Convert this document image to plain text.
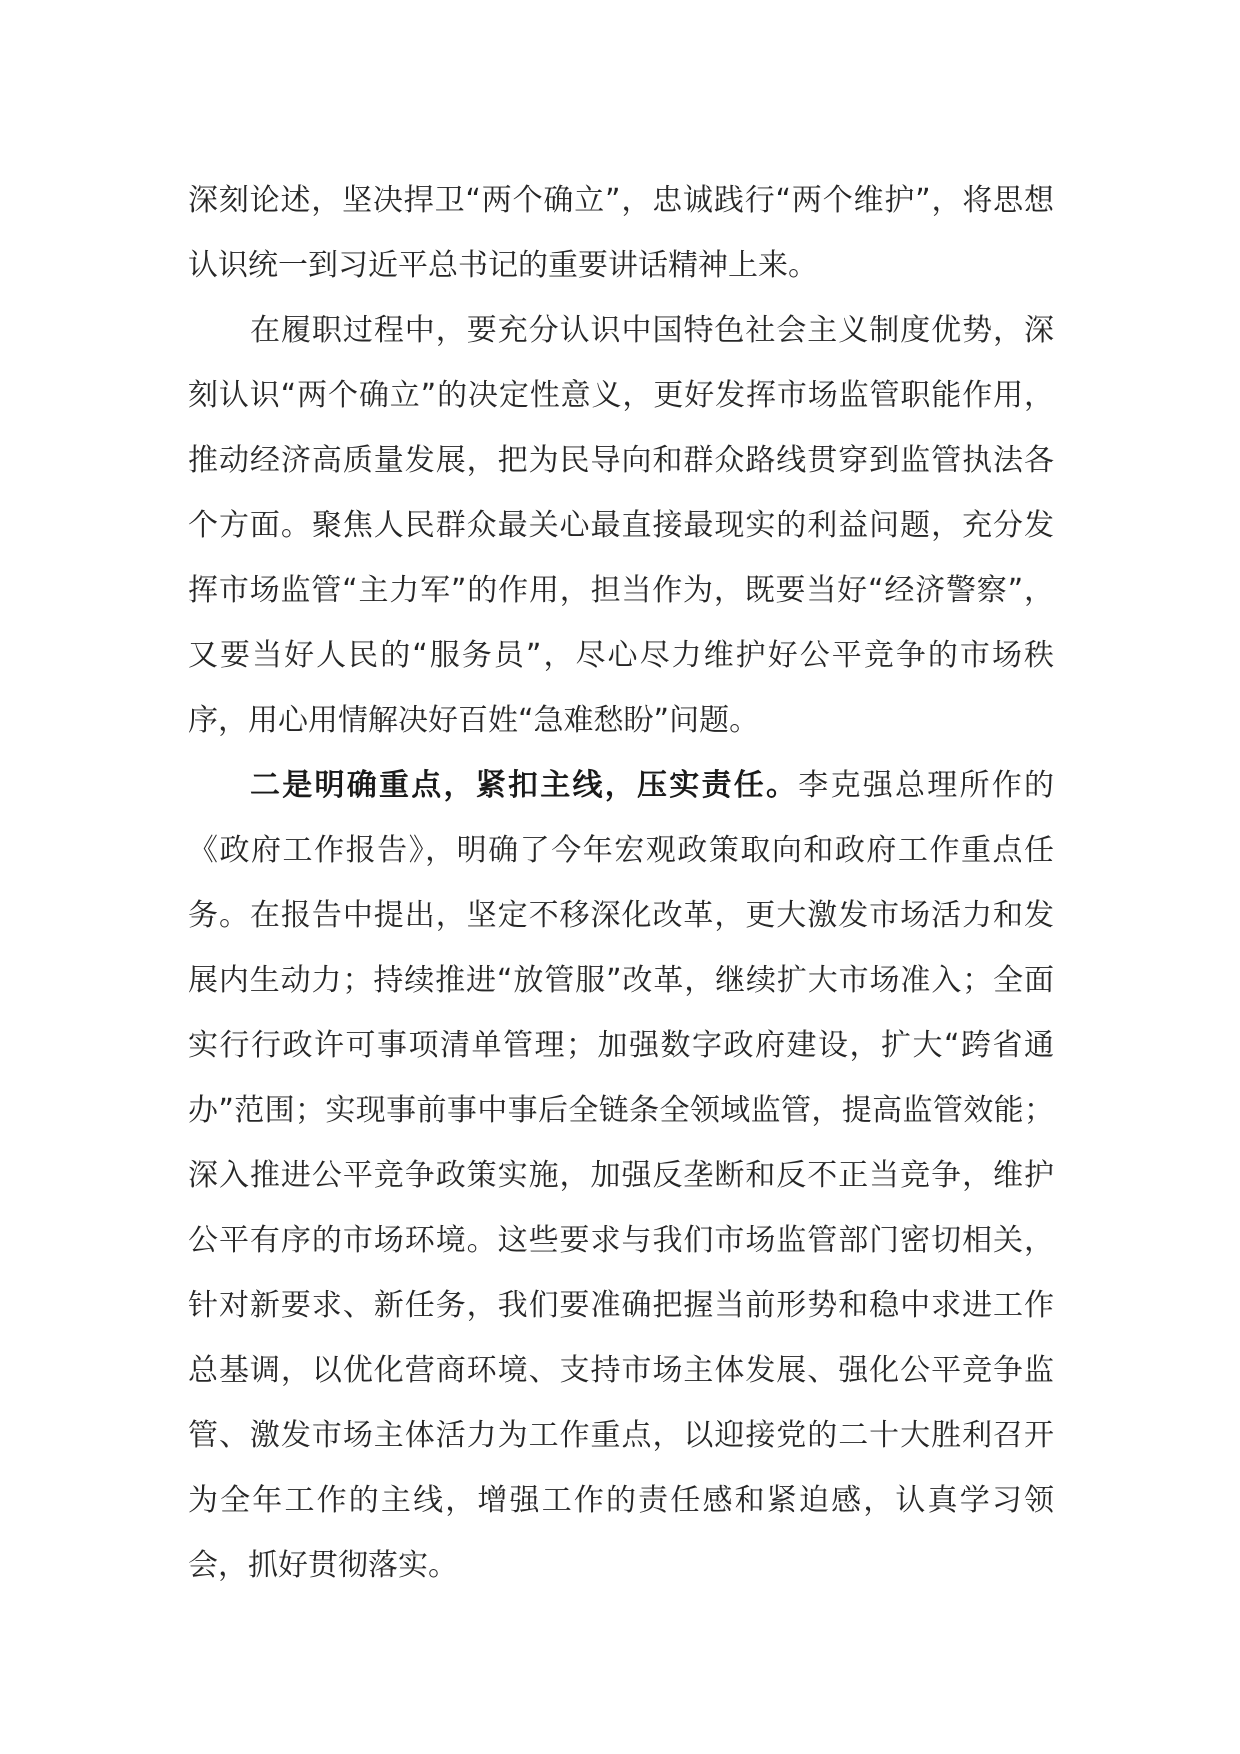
深刻论述，坚决捍卫“两个确立”，忠诚践行“两个维护”，将思想认识统一到习近平总书记的重要讲话精神上来。

在履职过程中，要充分认识中国特色社会主义制度优势，深刻认识“两个确立”的决定性意义，更好发挥市场监管职能作用，推动经济高质量发展，把为民导向和群众路线贯穿到监管执法各个方面。聚焦人民群众最关心最直接最现实的利益问题，充分发挥市场监管“主力军”的作用，担当作为，既要当好“经济警察”，又要当好人民的“服务员”，尽心尽力维护好公平竞争的市场秩序，用心用情解决好百姓“急难愁盼”问题。

二是明确重点，紧扣主线，压实责任。李克强总理所作的《政府工作报告》，明确了今年宏观政策取向和政府工作重点任务。在报告中提出，坚定不移深化改革，更大激发市场活力和发展内生动力；持续推进“放管服”改革，继续扩大市场准入；全面实行行政许可事项清单管理；加强数字政府建设，扩大“跨省通办”范围；实现事前事中事后全链条全领域监管，提高监管效能；深入推进公平竞争政策实施，加强反垄断和反不正当竞争，维护公平有序的市场环境。这些要求与我们市场监管部门密切相关，针对新要求、新任务，我们要准确把握当前形势和稳中求进工作总基调，以优化营商环境、支持市场主体发展、强化公平竞争监管、激发市场主体活力为工作重点，以迎接党的二十大胜利召开为全年工作的主线，增强工作的责任感和紧迫感，认真学习领会，抓好贯彻落实。
